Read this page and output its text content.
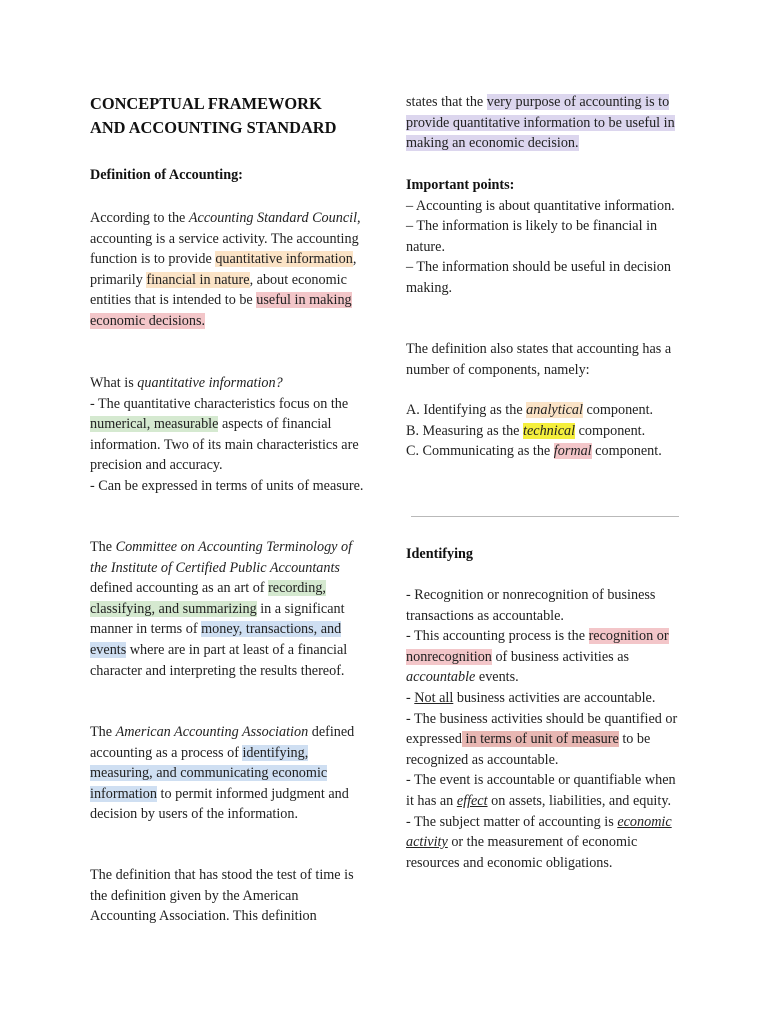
CONCEPTUAL FRAMEWORK
AND ACCOUNTING STANDARD

Definition of Accounting:

According to the Accounting Standard Council, accounting is a service activity. The accounting function is to provide quantitative information, primarily financial in nature, about economic entities that is intended to be useful in making economic decisions.

What is quantitative information?

- The quantitative characteristics focus on the numerical, measurable aspects of financial information. Two of its main characteristics are precision and accuracy.

- Can be expressed in terms of units of measure.

The Committee on Accounting Terminology of the Institute of Certified Public Accountants defined accounting as an art of recording, classifying, and summarizing in a significant manner in terms of money, transactions, and events where are in part at least of a financial character and interpreting the results thereof.

The American Accounting Association defined accounting as a process of identifying, measuring, and communicating economic information to permit informed judgment and decision by users of the information.

The definition that has stood the test of time is the definition given by the American Accounting Association. This definition

states that the very purpose of accounting is to provide quantitative information to be useful in making an economic decision.

Important points:

– Accounting is about quantitative information.

– The information is likely to be financial in nature.

– The information should be useful in decision making.

The definition also states that accounting has a number of components, namely:

A. Identifying as the analytical component.

B. Measuring as the technical component.

C. Communicating as the formal component.

Identifying

- Recognition or nonrecognition of business transactions as accountable.

- This accounting process is the recognition or nonrecognition of business activities as accountable events.

- Not all business activities are accountable.

- The business activities should be quantified or expressed in terms of unit of measure to be recognized as accountable.

- The event is accountable or quantifiable when it has an effect on assets, liabilities, and equity.

- The subject matter of accounting is economic activity or the measurement of economic resources and economic obligations.
